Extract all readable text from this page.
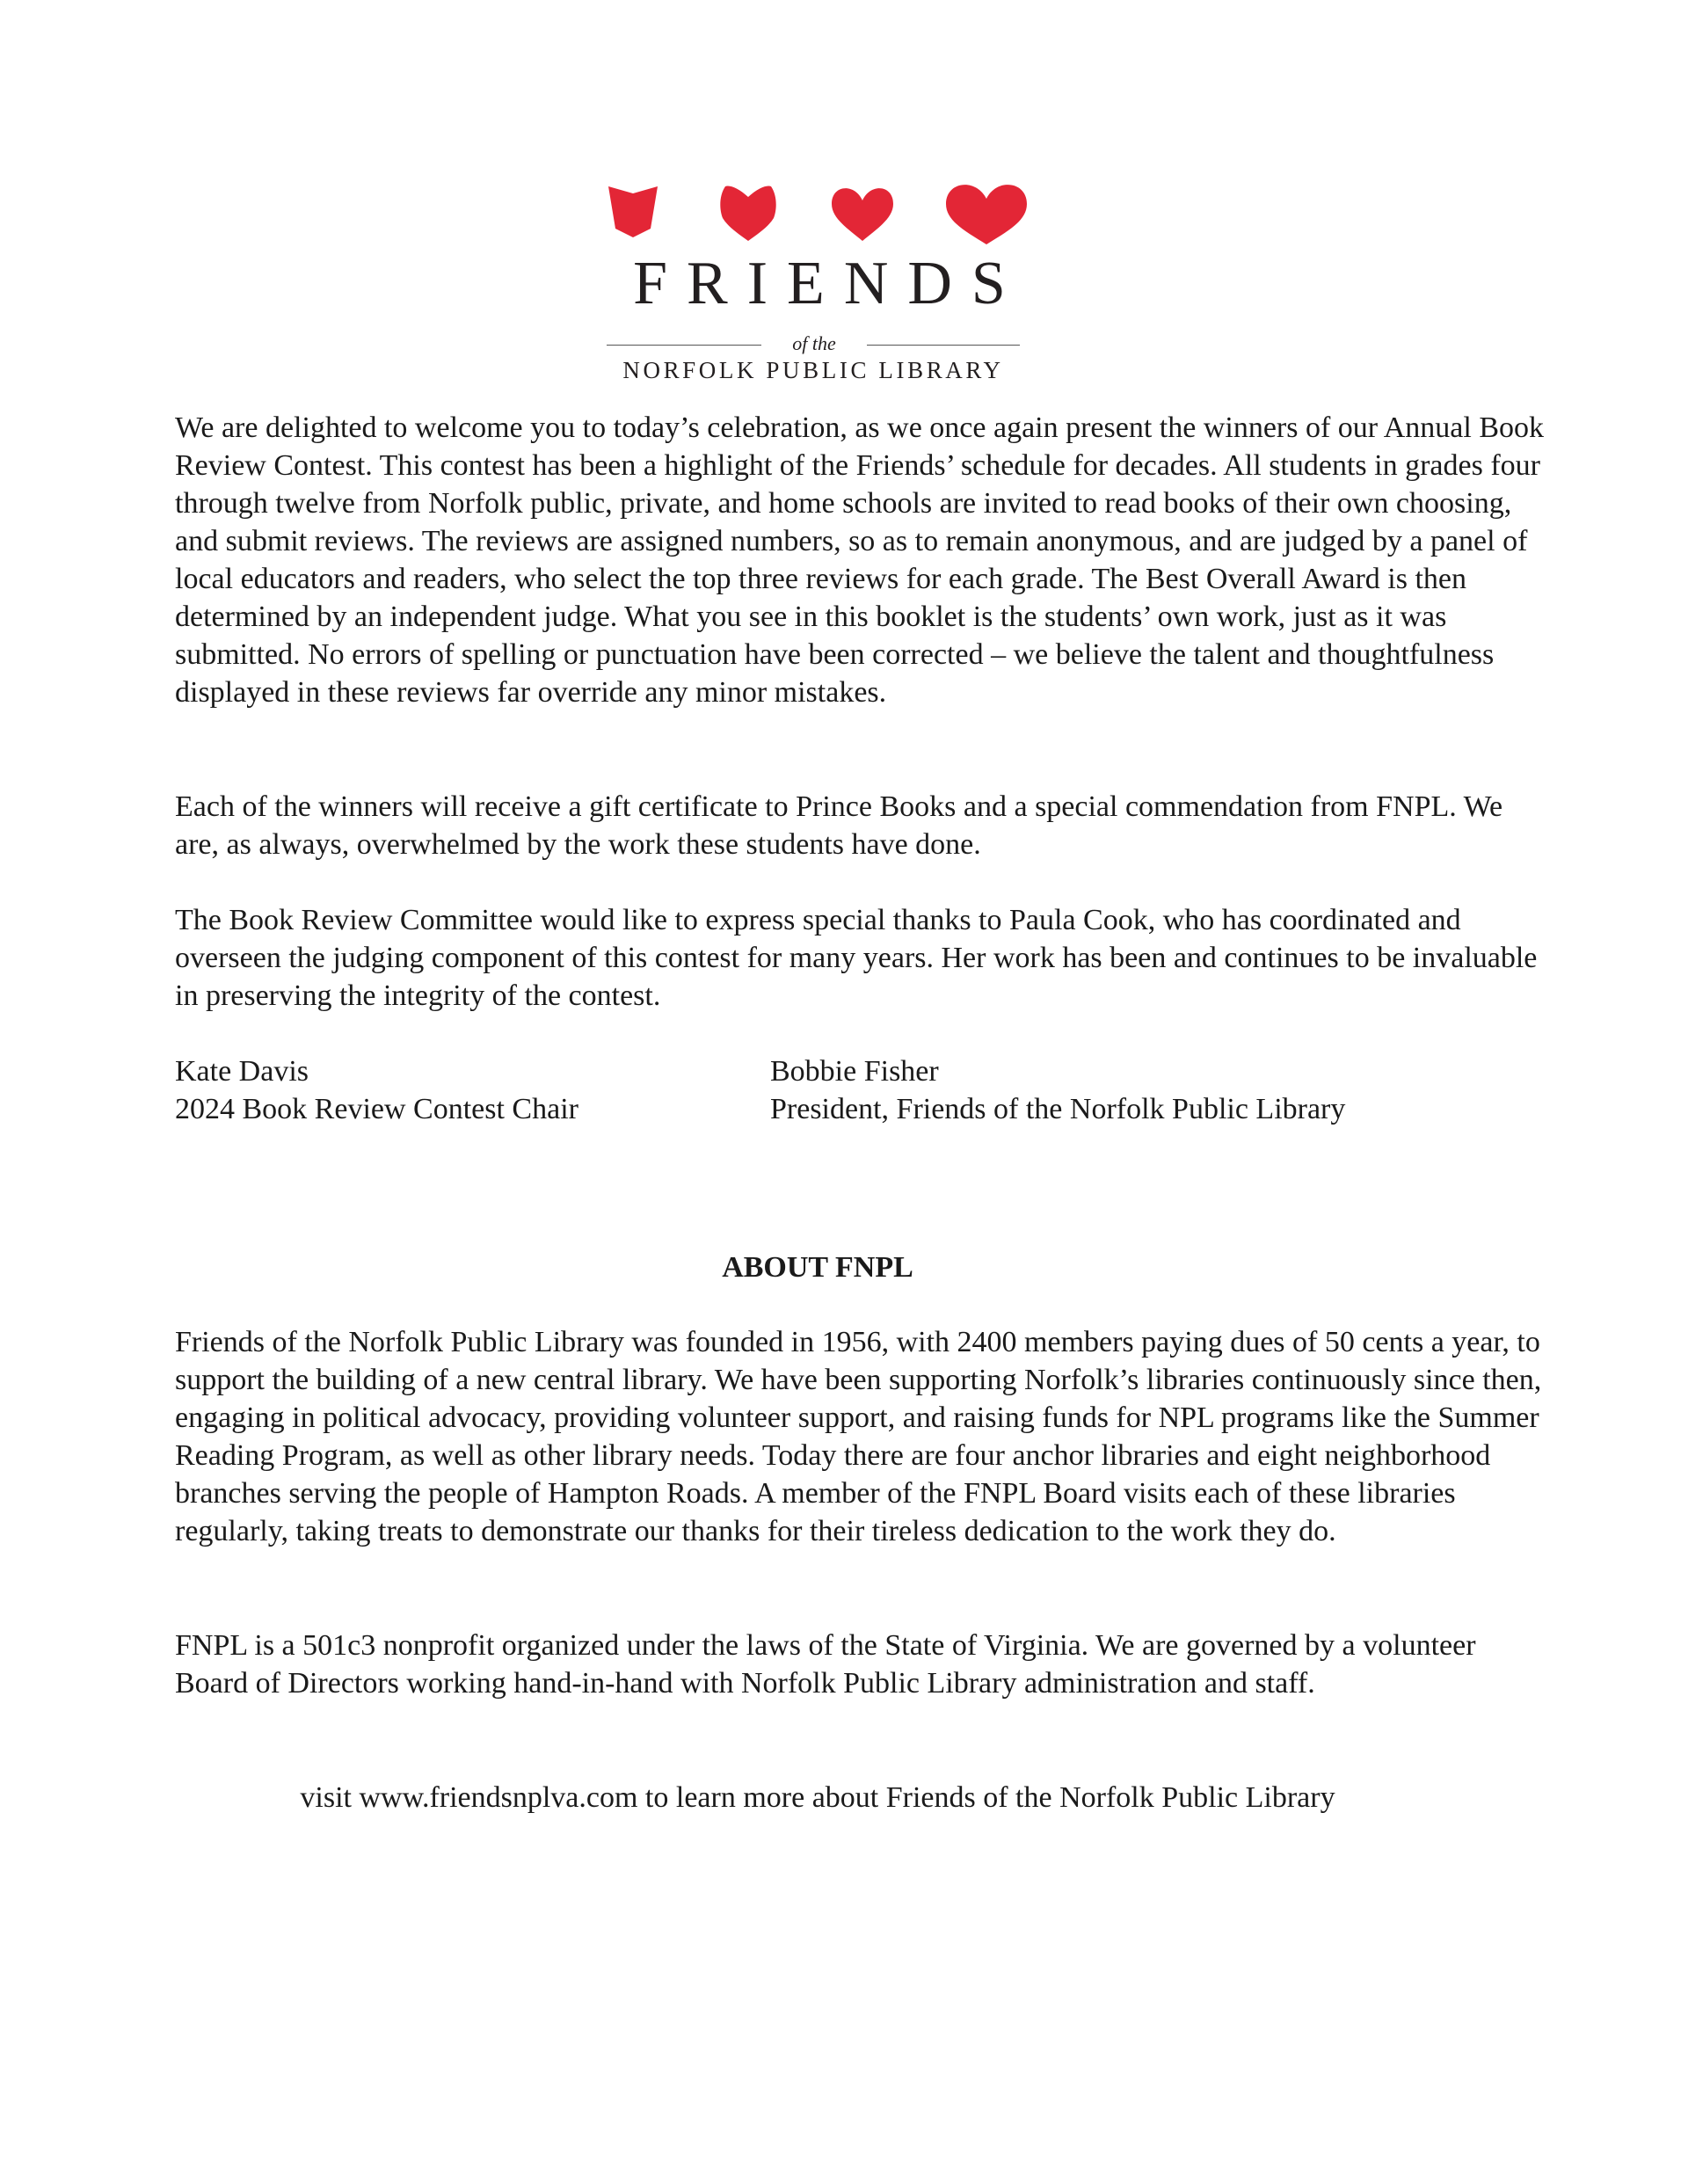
FRIENDS
of the
NORFOLK PUBLIC LIBRARY

We are delighted to welcome you to today’s celebration, as we once again present the winners of our Annual Book Review Contest. This contest has been a highlight of the Friends’ schedule for decades. All students in grades four through twelve from Norfolk public, private, and home schools are invited to read books of their own choosing, and submit reviews. The reviews are assigned numbers, so as to remain anonymous, and are judged by a panel of local educators and readers, who select the top three reviews for each grade. The Best Overall Award is then determined by an independent judge. What you see in this booklet is the students’ own work, just as it was submitted. No errors of spelling or punctuation have been corrected – we believe the talent and thoughtfulness displayed in these reviews far override any minor mistakes.

Each of the winners will receive a gift certificate to Prince Books and a special commendation from FNPL. We are, as always, overwhelmed by the work these students have done.

The Book Review Committee would like to express special thanks to Paula Cook, who has coordinated and overseen the judging component of this contest for many years. Her work has been and continues to be invaluable in preserving the integrity of the contest.

Kate Davis
2024 Book Review Contest Chair
Bobbie Fisher
President, Friends of the Norfolk Public Library
ABOUT FNPL

Friends of the Norfolk Public Library was founded in 1956, with 2400 members paying dues of 50 cents a year, to support the building of a new central library. We have been supporting Norfolk’s libraries continuously since then, engaging in political advocacy, providing volunteer support, and raising funds for NPL programs like the Summer Reading Program, as well as other library needs. Today there are four anchor libraries and eight neighborhood branches serving the people of Hampton Roads. A member of the FNPL Board visits each of these libraries regularly, taking treats to demonstrate our thanks for their tireless dedication to the work they do.

FNPL is a 501c3 nonprofit organized under the laws of the State of Virginia. We are governed by a volunteer Board of Directors working hand-in-hand with Norfolk Public Library administration and staff.

visit www.friendsnplva.com to learn more about Friends of the Norfolk Public Library
